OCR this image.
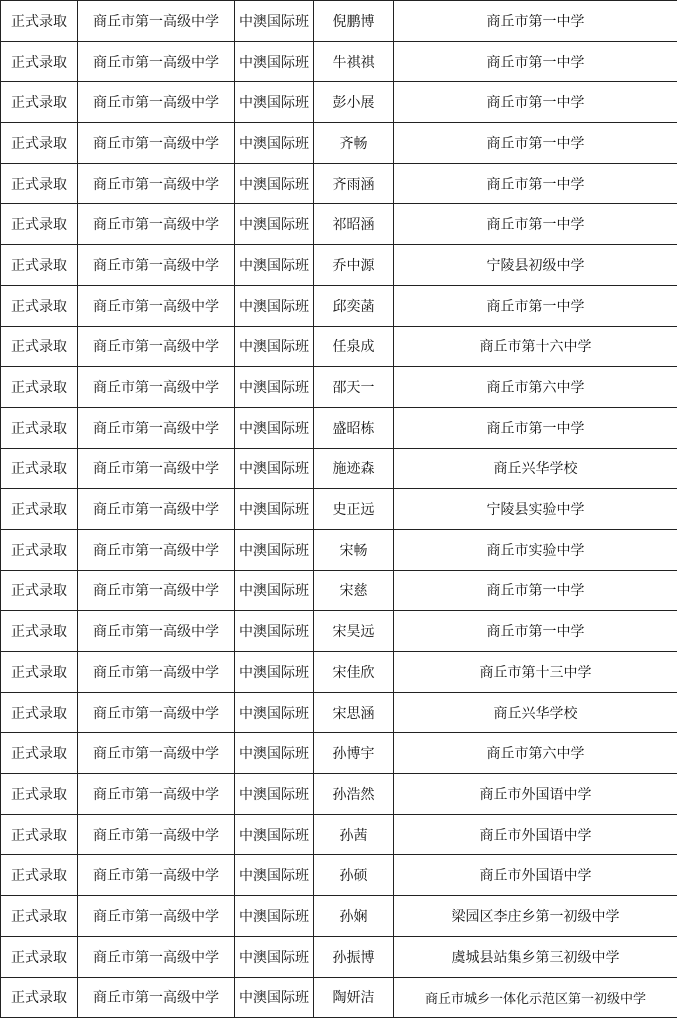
正式录取	商丘市第一高级中学	中澳国际班	倪鹏博	商丘市第一中学
正式录取	商丘市第一高级中学	中澳国际班	牛祺祺	商丘市第一中学
正式录取	商丘市第一高级中学	中澳国际班	彭小展	商丘市第一中学
正式录取	商丘市第一高级中学	中澳国际班	齐畅	商丘市第一中学
正式录取	商丘市第一高级中学	中澳国际班	齐雨涵	商丘市第一中学
正式录取	商丘市第一高级中学	中澳国际班	祁昭涵	商丘市第一中学
正式录取	商丘市第一高级中学	中澳国际班	乔中源	宁陵县初级中学
正式录取	商丘市第一高级中学	中澳国际班	邱奕菡	商丘市第一中学
正式录取	商丘市第一高级中学	中澳国际班	任泉成	商丘市第十六中学
正式录取	商丘市第一高级中学	中澳国际班	邵天一	商丘市第六中学
正式录取	商丘市第一高级中学	中澳国际班	盛昭栋	商丘市第一中学
正式录取	商丘市第一高级中学	中澳国际班	施迹森	商丘兴华学校
正式录取	商丘市第一高级中学	中澳国际班	史正远	宁陵县实验中学
正式录取	商丘市第一高级中学	中澳国际班	宋畅	商丘市实验中学
正式录取	商丘市第一高级中学	中澳国际班	宋慈	商丘市第一中学
正式录取	商丘市第一高级中学	中澳国际班	宋昊远	商丘市第一中学
正式录取	商丘市第一高级中学	中澳国际班	宋佳欣	商丘市第十三中学
正式录取	商丘市第一高级中学	中澳国际班	宋思涵	商丘兴华学校
正式录取	商丘市第一高级中学	中澳国际班	孙博宇	商丘市第六中学
正式录取	商丘市第一高级中学	中澳国际班	孙浩然	商丘市外国语中学
正式录取	商丘市第一高级中学	中澳国际班	孙茜	商丘市外国语中学
正式录取	商丘市第一高级中学	中澳国际班	孙硕	商丘市外国语中学
正式录取	商丘市第一高级中学	中澳国际班	孙娴	梁园区李庄乡第一初级中学
正式录取	商丘市第一高级中学	中澳国际班	孙振博	虞城县站集乡第三初级中学
正式录取	商丘市第一高级中学	中澳国际班	陶妍洁	商丘市城乡一体化示范区第一初级中学
